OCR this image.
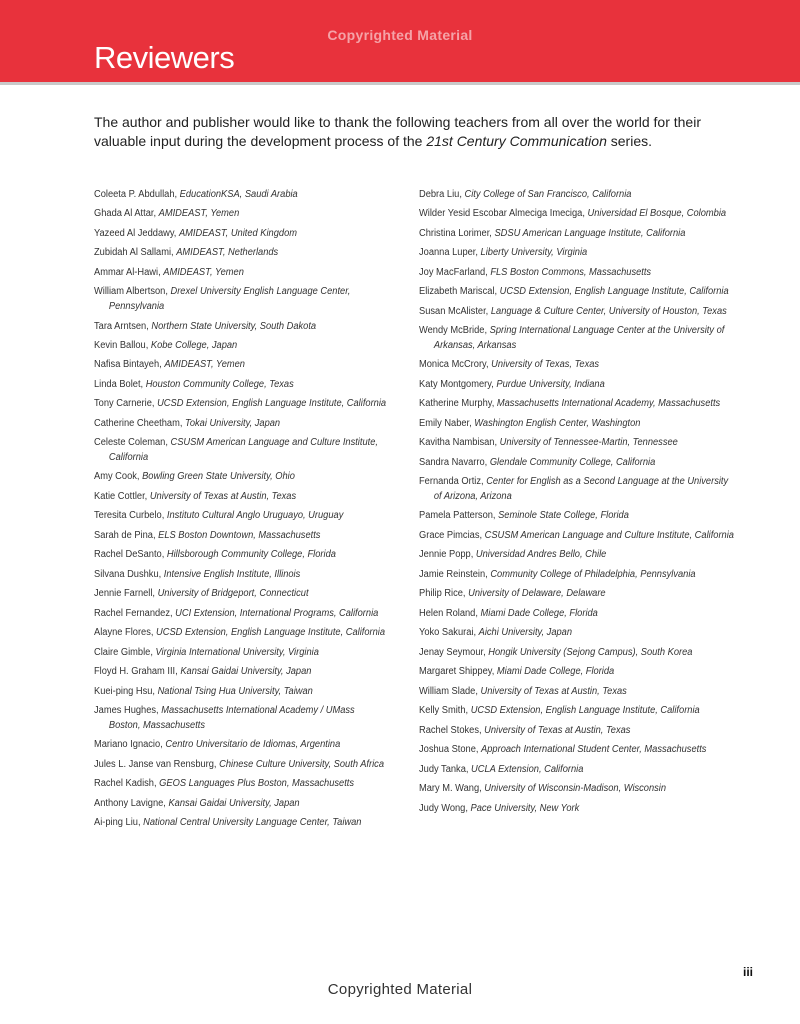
Copyrighted Material
Reviewers

The author and publisher would like to thank the following teachers from all over the world for their valuable input during the development process of the 21st Century Communication series.

Coleeta P. Abdullah, EducationKSA, Saudi Arabia

Ghada Al Attar, AMIDEAST, Yemen

Yazeed Al Jeddawy, AMIDEAST, United Kingdom

Zubidah Al Sallami, AMIDEAST, Netherlands

Ammar Al-Hawi, AMIDEAST, Yemen

William Albertson, Drexel University English Language Center, Pennsylvania

Tara Arntsen, Northern State University, South Dakota

Kevin Ballou, Kobe College, Japan

Nafisa Bintayeh, AMIDEAST, Yemen

Linda Bolet, Houston Community College, Texas

Tony Carnerie, UCSD Extension, English Language Institute, California

Catherine Cheetham, Tokai University, Japan

Celeste Coleman, CSUSM American Language and Culture Institute, California

Amy Cook, Bowling Green State University, Ohio

Katie Cottler, University of Texas at Austin, Texas

Teresita Curbelo, Instituto Cultural Anglo Uruguayo, Uruguay

Sarah de Pina, ELS Boston Downtown, Massachusetts

Rachel DeSanto, Hillsborough Community College, Florida

Silvana Dushku, Intensive English Institute, Illinois

Jennie Farnell, University of Bridgeport, Connecticut

Rachel Fernandez, UCI Extension, International Programs, California

Alayne Flores, UCSD Extension, English Language Institute, California

Claire Gimble, Virginia International University, Virginia

Floyd H. Graham III, Kansai Gaidai University, Japan

Kuei-ping Hsu, National Tsing Hua University, Taiwan

James Hughes, Massachusetts International Academy / UMass Boston, Massachusetts

Mariano Ignacio, Centro Universitario de Idiomas, Argentina

Jules L. Janse van Rensburg, Chinese Culture University, South Africa

Rachel Kadish, GEOS Languages Plus Boston, Massachusetts

Anthony Lavigne, Kansai Gaidai University, Japan

Ai-ping Liu, National Central University Language Center, Taiwan

Debra Liu, City College of San Francisco, California

Wilder Yesid Escobar Almeciga Imeciga, Universidad El Bosque, Colombia

Christina Lorimer, SDSU American Language Institute, California

Joanna Luper, Liberty University, Virginia

Joy MacFarland, FLS Boston Commons, Massachusetts

Elizabeth Mariscal, UCSD Extension, English Language Institute, California

Susan McAlister, Language & Culture Center, University of Houston, Texas

Wendy McBride, Spring International Language Center at the University of Arkansas, Arkansas

Monica McCrory, University of Texas, Texas

Katy Montgomery, Purdue University, Indiana

Katherine Murphy, Massachusetts International Academy, Massachusetts

Emily Naber, Washington English Center, Washington

Kavitha Nambisan, University of Tennessee-Martin, Tennessee

Sandra Navarro, Glendale Community College, California

Fernanda Ortiz, Center for English as a Second Language at the University of Arizona, Arizona

Pamela Patterson, Seminole State College, Florida

Grace Pimcias, CSUSM American Language and Culture Institute, California

Jennie Popp, Universidad Andres Bello, Chile

Jamie Reinstein, Community College of Philadelphia, Pennsylvania

Philip Rice, University of Delaware, Delaware

Helen Roland, Miami Dade College, Florida

Yoko Sakurai, Aichi University, Japan

Jenay Seymour, Hongik University (Sejong Campus), South Korea

Margaret Shippey, Miami Dade College, Florida

William Slade, University of Texas at Austin, Texas

Kelly Smith, UCSD Extension, English Language Institute, California

Rachel Stokes, University of Texas at Austin, Texas

Joshua Stone, Approach International Student Center, Massachusetts

Judy Tanka, UCLA Extension, California

Mary M. Wang, University of Wisconsin-Madison, Wisconsin

Judy Wong, Pace University, New York

iii
Copyrighted Material
